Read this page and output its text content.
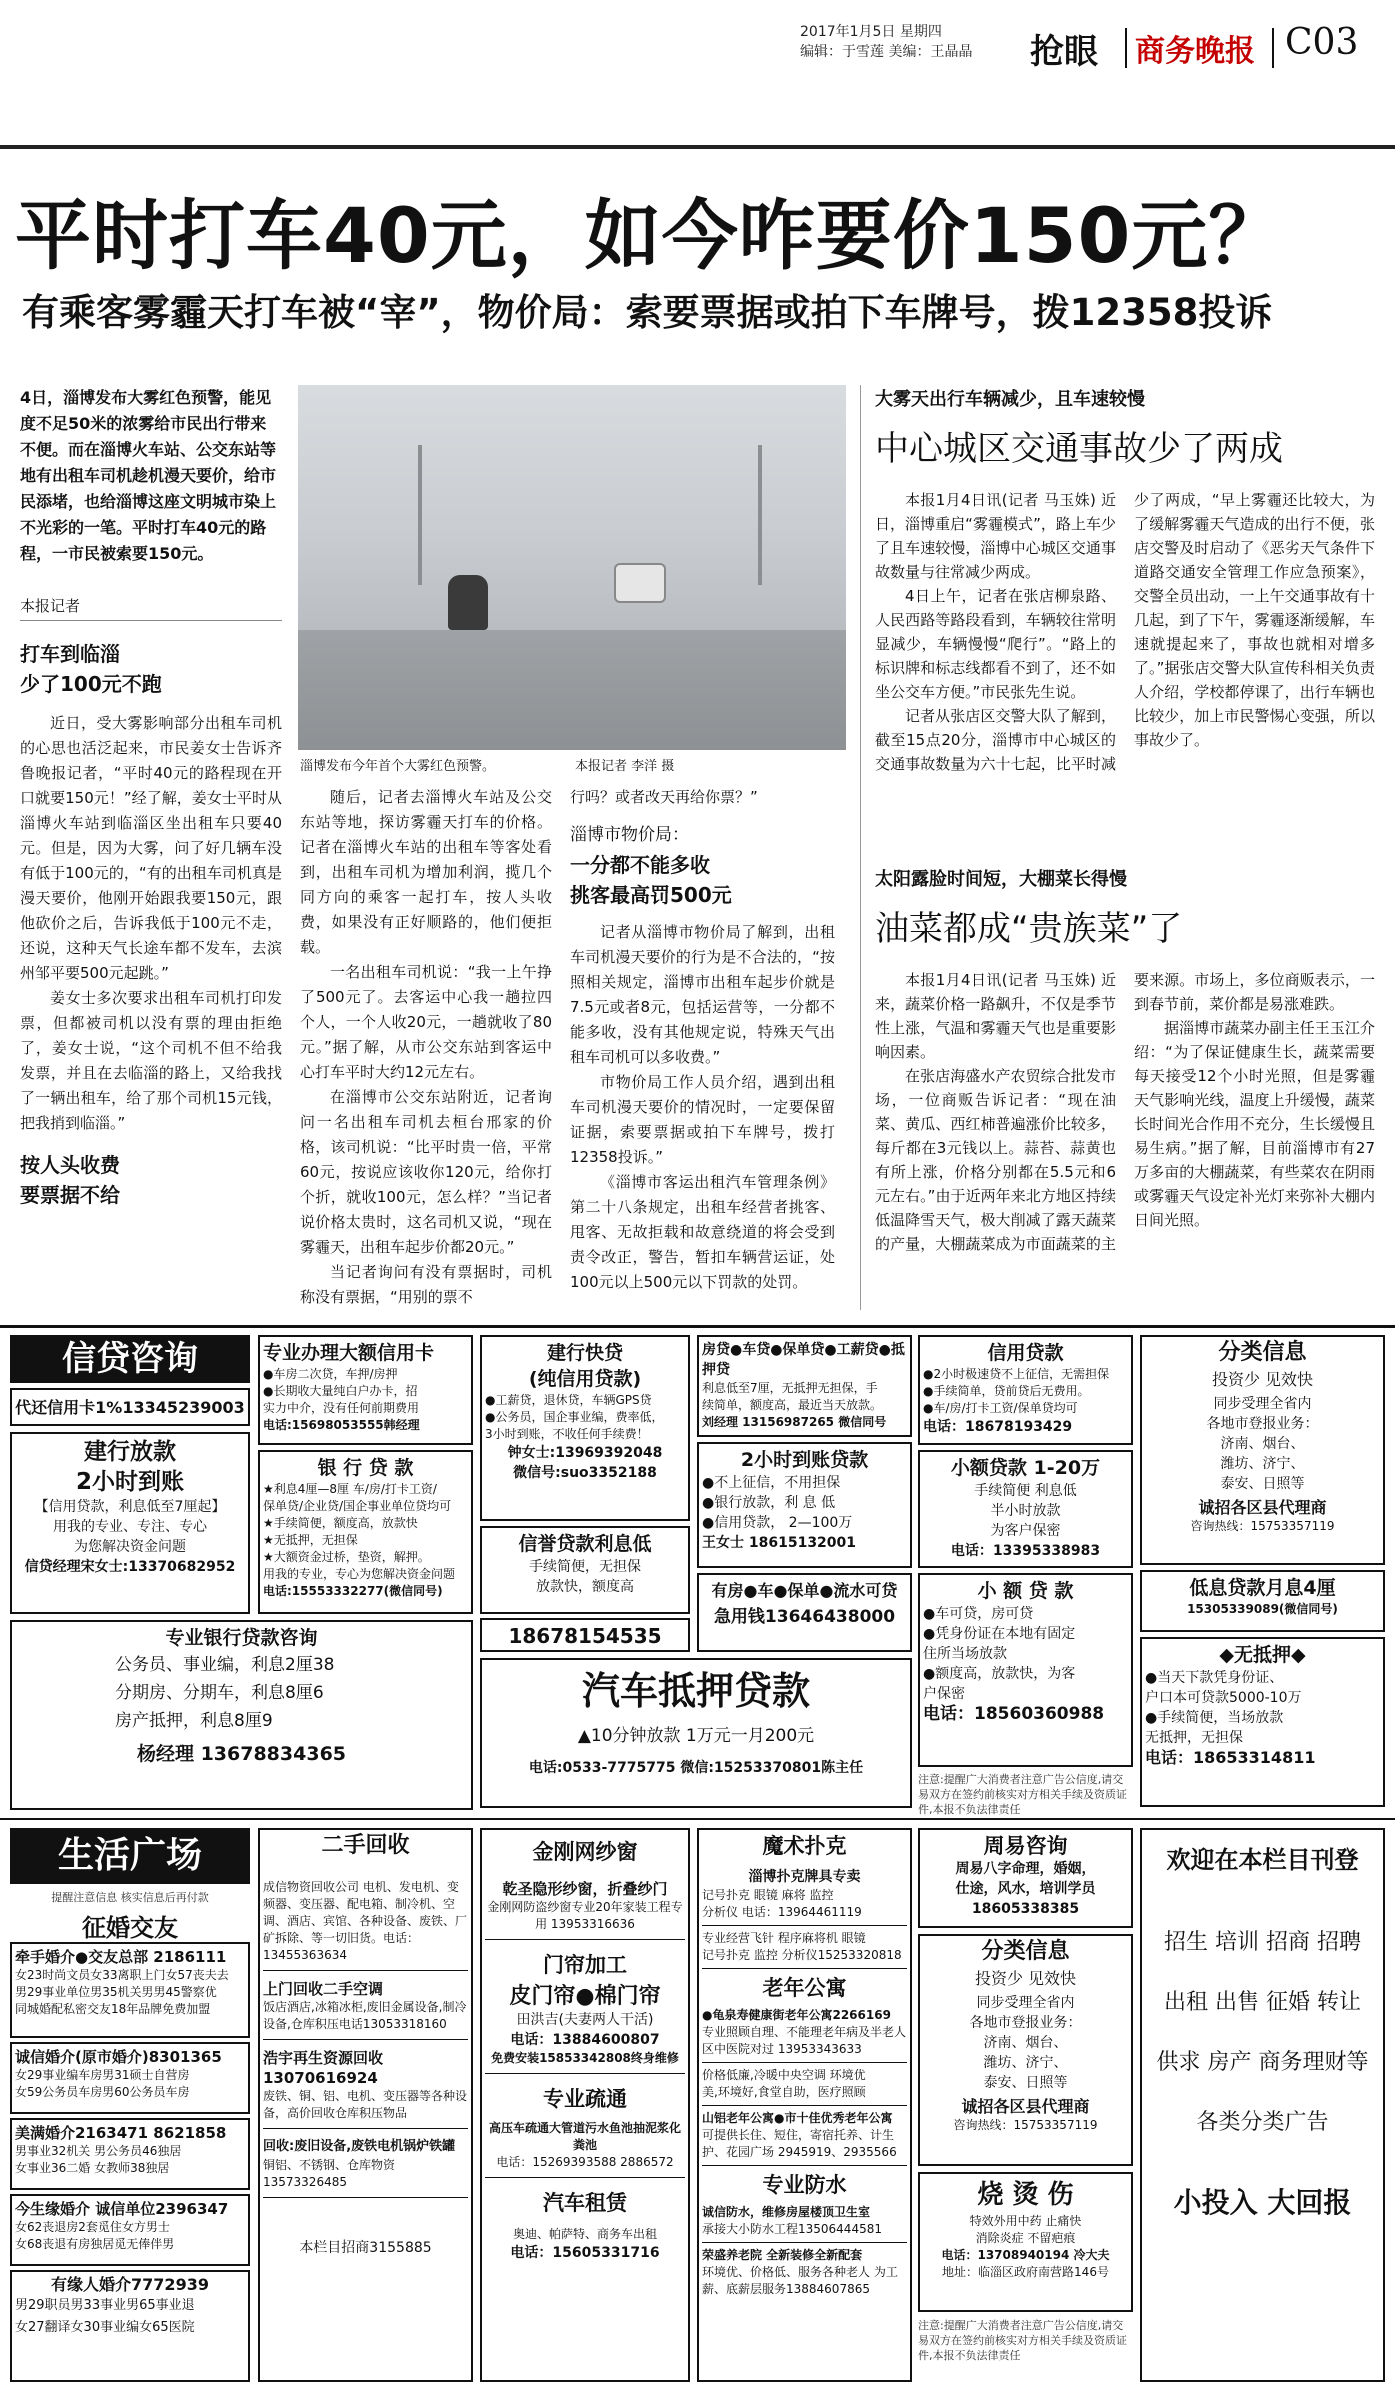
2017年1月5日 星期四
编辑：于雪莲 美编：王晶晶 抢眼 商务晚报 C03
平时打车40元，如今咋要价150元？
有乘客雾霾天打车被“宰”，物价局：索要票据或拍下车牌号，拨12358投诉
4日，淄博发布大雾红色预警，能见度不足50米的浓雾给市民出行带来不便。而在淄博火车站、公交东站等地有出租车司机趁机漫天要价，给市民添堵，也给淄博这座文明城市染上不光彩的一笔。平时打车40元的路程，一市民被索要150元。
本报记者
打车到临淄
少了100元不跑

近日，受大雾影响部分出租车司机的心思也活泛起来，市民姜女士告诉齐鲁晚报记者，“平时40元的路程现在开口就要150元！”经了解，姜女士平时从淄博火车站到临淄区坐出租车只要40元。但是，因为大雾，问了好几辆车没有低于100元的，“有的出租车司机真是漫天要价，他刚开始跟我要150元，跟他砍价之后，告诉我低于100元不走，还说，这种天气长途车都不发车，去滨州邹平要500元起跳。”

姜女士多次要求出租车司机打印发票，但都被司机以没有票的理由拒绝了，姜女士说，“这个司机不但不给我发票，并且在去临淄的路上，又给我找了一辆出租车，给了那个司机15元钱，把我捎到临淄。”

按人头收费
要票据不给
淄博发布今年首个大雾红色预警。	本报记者 李洋 摄

随后，记者去淄博火车站及公交东站等地，探访雾霾天打车的价格。记者在淄博火车站的出租车等客处看到，出租车司机为增加利润，揽几个同方向的乘客一起打车，按人头收费，如果没有正好顺路的，他们便拒载。

一名出租车司机说：“我一上午挣了500元了。去客运中心我一趟拉四个人，一个人收20元，一趟就收了80元。”据了解，从市公交东站到客运中心打车平时大约12元左右。

在淄博市公交东站附近，记者询问一名出租车司机去桓台邢家的价格，该司机说：“比平时贵一倍，平常60元，按说应该收你120元，给你打个折，就收100元，怎么样？”当记者说价格太贵时，这名司机又说，“现在雾霾天，出租车起步价都20元。”

当记者询问有没有票据时，司机称没有票据，“用别的票不

行吗？或者改天再给你票？”
淄博市物价局：
一分都不能多收
挑客最高罚500元

记者从淄博市物价局了解到，出租车司机漫天要价的行为是不合法的，“按照相关规定，淄博市出租车起步价就是7.5元或者8元，包括运营等，一分都不能多收，没有其他规定说，特殊天气出租车司机可以多收费。”

市物价局工作人员介绍，遇到出租车司机漫天要价的情况时，一定要保留证据，索要票据或拍下车牌号，拨打12358投诉。”

《淄博市客运出租汽车管理条例》第二十八条规定，出租车经营者挑客、甩客、无故拒载和故意绕道的将会受到责令改正，警告，暂扣车辆营运证，处100元以上500元以下罚款的处罚。

大雾天出行车辆减少，且车速较慢
中心城区交通事故少了两成

本报1月4日讯(记者 马玉姝) 近日，淄博重启“雾霾模式”，路上车少了且车速较慢，淄博中心城区交通事故数量与往常减少两成。

4日上午，记者在张店柳泉路、人民西路等路段看到，车辆较往常明显减少，车辆慢慢“爬行”。“路上的标识牌和标志线都看不到了，还不如坐公交车方便。”市民张先生说。

记者从张店区交警大队了解到，截至15点20分，淄博市中心城区的交通事故数量为六十七起，比平时减少了两成，“早上雾霾还比较大，为了缓解雾霾天气造成的出行不便，张店交警及时启动了《恶劣天气条件下道路交通安全管理工作应急预案》，交警全员出动，一上午交通事故有十几起，到了下午，雾霾逐渐缓解，车速就提起来了，事故也就相对增多了。”据张店交警大队宣传科相关负责人介绍，学校都停课了，出行车辆也比较少，加上市民警惕心变强，所以事故少了。

太阳露脸时间短，大棚菜长得慢
油菜都成“贵族菜”了

本报1月4日讯(记者 马玉姝) 近来，蔬菜价格一路飙升，不仅是季节性上涨，气温和雾霾天气也是重要影响因素。

在张店海盛水产农贸综合批发市场，一位商贩告诉记者：“现在油菜、黄瓜、西红柿普遍涨价比较多，每斤都在3元钱以上。蒜苔、蒜黄也有所上涨，价格分别都在5.5元和6元左右。”由于近两年来北方地区持续低温降雪天气，极大削减了露天蔬菜的产量，大棚蔬菜成为市面蔬菜的主要来源。市场上，多位商贩表示，一到春节前，菜价都是易涨难跌。

据淄博市蔬菜办副主任王玉江介绍：“为了保证健康生长，蔬菜需要每天接受12个小时光照，但是雾霾天气影响光线，温度上升缓慢，蔬菜长时间光合作用不充分，生长缓慢且易生病。”据了解，目前淄博市有27万多亩的大棚蔬菜，有些菜农在阴雨或雾霾天气设定补光灯来弥补大棚内日间光照。

信贷咨询
代还信用卡1%13345239003
建行放款
2小时到账
【信用贷款，利息低至7厘起】
用我的专业、专注、专心
为您解决资金问题
信贷经理宋女士:13370682952
专业办理大额信用卡
●车房二次贷，车押/房押
●长期收大量纯白户办卡，招
实力中介，没有任何前期费用
电话:15698053555韩经理
银 行 贷 款
★利息4厘—8厘 车/房/打卡工资/
保单贷/企业贷/国企事业单位贷均可
★手续简便，额度高，放款快
★无抵押，无担保
★大额资金过桥，垫资，解押。
用我的专业，专心为您解决资金问题
电话:15553332277(微信同号)
建行快贷
(纯信用贷款)
●工薪贷，退休贷，车辆GPS贷
●公务员，国企事业编，费率低，
3小时到账，不收任何手续费！
钟女士:13969392048
微信号:suo3352188
信誉贷款利息低
手续简便，无担保
放款快，额度高
18678154535
房贷●车贷●保单贷●工薪贷●抵押贷
利息低至7厘，无抵押无担保，手
续简单，额度高，最近当天放款。
刘经理 13156987265 微信同号
2小时到账贷款
●不上征信，不用担保
●银行放款，利 息 低
●信用贷款， 2—100万
王女士 18615132001
有房●车●保单●流水可贷
急用钱13646438000
信用贷款
●2小时极速贷不上征信，无需担保
●手续简单，贷前贷后无费用。
●车/房/打卡工资/保单贷均可
电话：18678193429
小额贷款 1-20万
手续简便 利息低
半小时放款
为客户保密
电话：13395338983
分类信息
投资少 见效快
同步受理全省内
各地市登报业务：
济南、烟台、
潍坊、济宁、
泰安、日照等
诚招各区县代理商
咨询热线：15753357119
小 额 贷 款
●车可贷，房可贷
●凭身份证在本地有固定
住所当场放款
●额度高，放款快，为客
户保密
电话：18560360988
低息贷款月息4厘
15305339089(微信同号)
◆无抵押◆
●当天下款凭身份证、
户口本可贷款5000-10万
●手续简便，当场放款
无抵押，无担保
电话：18653314811
专业银行贷款咨询
公务员、事业编，利息2厘38
分期房、分期车，利息8厘6
房产抵押，利息8厘9
杨经理 13678834365
汽车抵押贷款
▲10分钟放款 1万元一月200元
电话:0533-7775775 微信:15253370801陈主任
注意:提醒广大消费者注意广告公信度,请交易双方在签约前核实对方相关手续及资质证件,本报不负法律责任
生活广场
提醒注意信息 核实信息后再付款
征婚交友
牵手婚介●交友总部 2186111
女23时尚文员女33离职上门女57丧夫去
男29事业单位男35机关男男45警察优
同城婚配私密交友18年品牌免费加盟
诚信婚介(原市婚介)8301365
女29事业编车房男31硕士自营房
女59公务员车房男60公务员车房
美满婚介2163471 8621858
男事业32机关 男公务员46独居
女事业36二婚 女教师38独居
今生缘婚介 诚信单位2396347
女62丧退房2套觅住女方男士
女68丧退有房独居觅无俸伴男
有缘人婚介7772939
男29职员男33事业男65事业退
女27翻译女30事业编女65医院
二手回收
成信物资回收公司 电机、发电机、变频器、变压器、配电箱、制冷机、空调、酒店、宾馆、各种设备、废铁、厂矿拆除、等一切旧货。电话：13455363634
上门回收二手空调
饭店酒店,冰箱冰柜,废旧金属设备,制冷设备,仓库积压电话13053318160
浩宇再生资源回收13070616924
废铁、铜、铝、电机、变压器等各种设备，高价回收仓库积压物品
回收:废旧设备,废铁电机锅炉铁罐
铜铝、不锈钢、仓库物资13573326485
本栏目招商3155885
金刚网纱窗
乾圣隐形纱窗，折叠纱门
金刚网防盗纱窗专业20年家装工程专用 13953316636
门帘加工
皮门帘●棉门帘
田洪吉(夫妻两人干活)
电话：13884600807
免费安装15853342808终身维修
专业疏通
高压车疏通大管道污水鱼池抽泥浆化粪池
电话：15269393588 2886572
汽车租赁
奥迪、帕萨特、商务车出租
电话：15605331716
魔术扑克
淄博扑克牌具专卖
记号扑克 眼镜 麻将 监控
分析仪 电话：13964461119
专业经营飞针 程序麻将机 眼镜
记号扑克 监控 分析仪15253320818
老年公寓
●龟泉寿健康街老年公寓2266169
专业照顾自理、不能理老年病及半老人区中医院对过 13953343633
价格低廉,冷暖中央空调 环境优
美,环境好,食堂自助，医疗照顾
山铝老年公寓●市十佳优秀老年公寓
可提供长住、短住，寄宿托养、计生护、花园广场 2945919、2935566
专业防水
诚信防水，维修房屋楼顶卫生室
承接大小防水工程13506444581
荣盛养老院 全新装修全新配套
环境优、价格低、服务各种老人 为工薪、底薪层服务13884607865
周易咨询
周易八字命理，婚姻，
仕途，风水，培训学员
18605338385
分类信息
投资少 见效快
同步受理全省内
各地市登报业务：
济南、烟台、
潍坊、济宁、
泰安、日照等
诚招各区县代理商
咨询热线：15753357119
烧 烫 伤
特效外用中药 止痛快
消除炎症 不留疤痕
电话：13708940194 冷大夫
地址：临淄区政府南营路146号
注意:提醒广大消费者注意广告公信度,请交易双方在签约前核实对方相关手续及资质证件,本报不负法律责任
欢迎在本栏目刊登
招生 培训 招商 招聘
出租 出售 征婚 转让
供求 房产 商务理财等
各类分类广告
小投入 大回报
